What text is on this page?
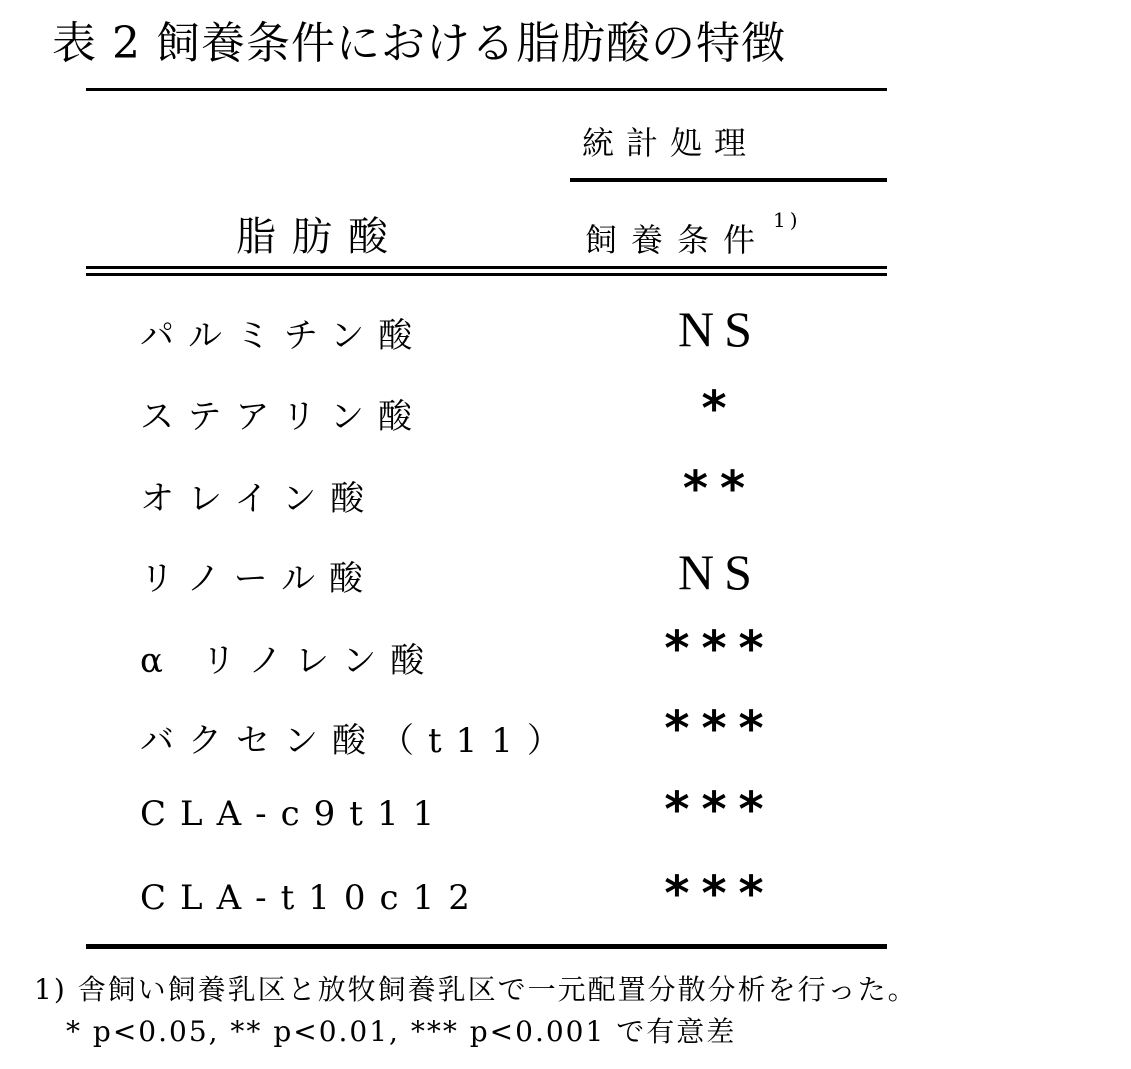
表 2 飼養条件における脂肪酸の特徴
統計処理
脂肪酸	飼養条件$^{1)}$
パルミチン酸	NS
ステアリン酸	*
オレイン酸	**
リノール酸	NS
α リノレン酸	***
バクセン酸（t11）	***
CLA-c9t11	***
CLA-t10c12	***
1) 舎飼い飼養乳区と放牧飼養乳区で一元配置分散分析を行った。
* p<0.05, ** p<0.01, *** p<0.001 で有意差
